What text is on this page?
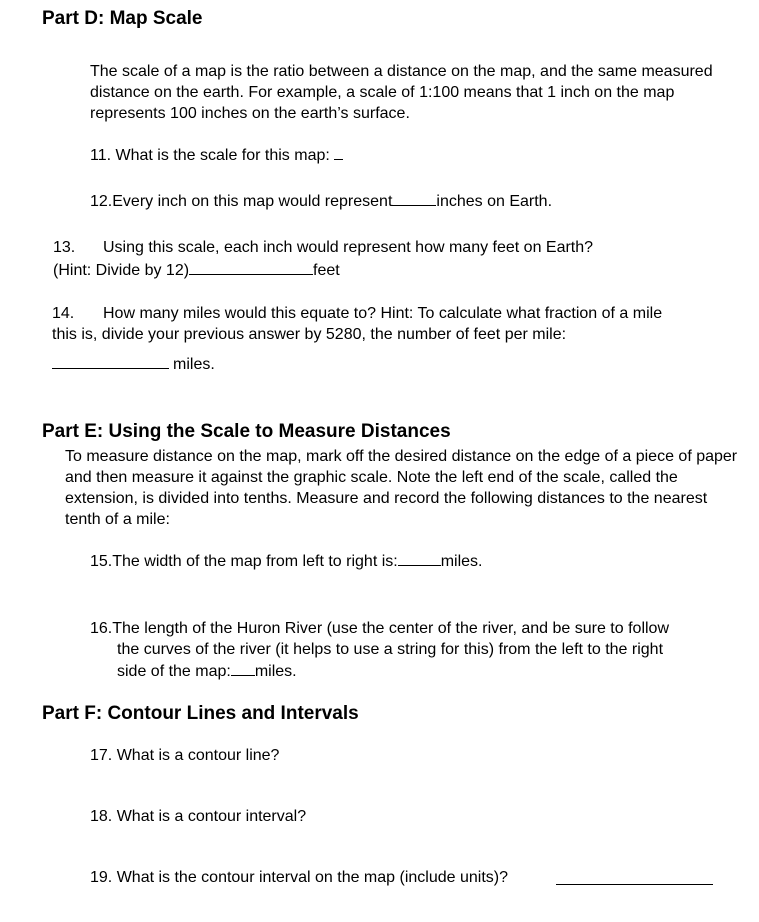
Part D: Map Scale
The scale of a map is the ratio between a distance on the map, and the same measured distance on the earth. For example, a scale of 1:100 means that 1 inch on the map represents 100 inches on the earth’s surface.
11. What is the scale for this map:
12.Every inch on this map would represent	inches on Earth.
13. Using this scale, each inch would represent how many feet on Earth?
(Hint: Divide by 12)	feet
14. How many miles would this equate to? Hint: To calculate what fraction of a mile
this is, divide your previous answer by 5280, the number of feet per mile:
miles.
Part E: Using the Scale to Measure Distances
To measure distance on the map, mark off the desired distance on the edge of a piece of paper and then measure it against the graphic scale. Note the left end of the scale, called the extension, is divided into tenths. Measure and record the following distances to the nearest tenth of a mile:
15.The width of the map from left to right is:	miles.
16.The length of the Huron River (use the center of the river, and be sure to follow
the curves of the river (it helps to use a string for this) from the left to the right
side of the map: miles.
Part F: Contour Lines and Intervals
17. What is a contour line?
18. What is a contour interval?
19. What is the contour interval on the map (include units)?
